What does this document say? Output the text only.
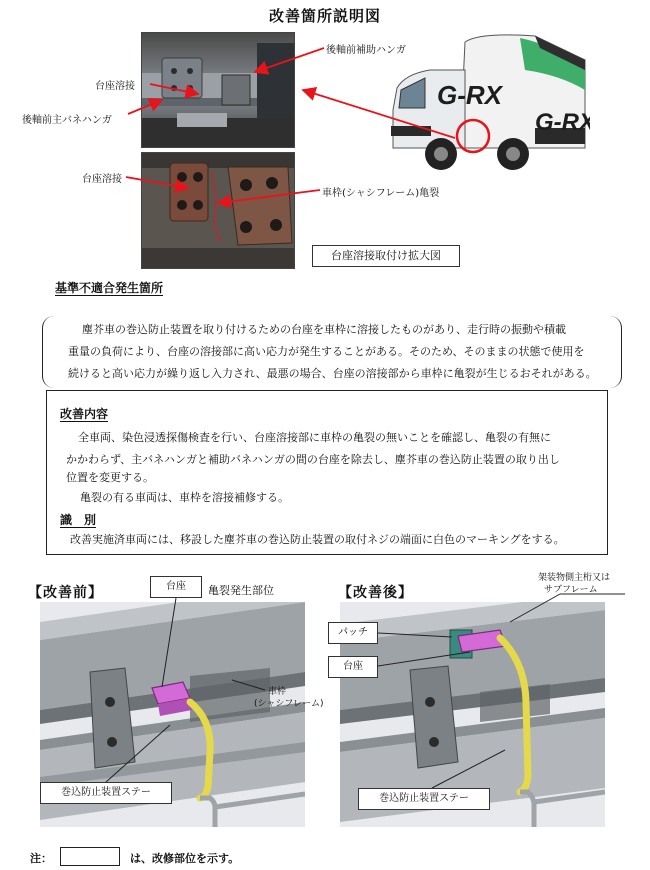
改善箇所説明図
G-RX
G-RX
台座溶接
後軸前補助ハンガ
後軸前主バネハンガ
台座溶接
車枠(シャシフレーム)亀裂
台座溶接取付け拡大図
基準不適合発生箇所
塵芥車の巻込防止装置を取り付けるための台座を車枠に溶接したものがあり、走行時の振動や積載
重量の負荷により、台座の溶接部に高い応力が発生することがある。そのため、そのままの状態で使用を
続けると高い応力が繰り返し入力され、最悪の場合、台座の溶接部から車枠に亀裂が生じるおそれがある。
改善内容
全車両、染色浸透探傷検査を行い、台座溶接部に車枠の亀裂の無いことを確認し、亀裂の有無に
かかわらず、主バネハンガと補助バネハンガの間の台座を除去し、塵芥車の巻込防止装置の取り出し
位置を変更する。
亀裂の有る車両は、車枠を溶接補修する。
識　別
改善実施済車両には、移設した塵芥車の巻込防止装置の取付ネジの端面に白色のマーキングをする。
【改善前】	台座	亀裂発生部位
車枠
(シャシフレーム)
巻込防止装置ステー
【改善後】
架装物側主桁又は
サブフレーム
パッチ
台座
巻込防止装置ステー
注：	は、改修部位を示す。
